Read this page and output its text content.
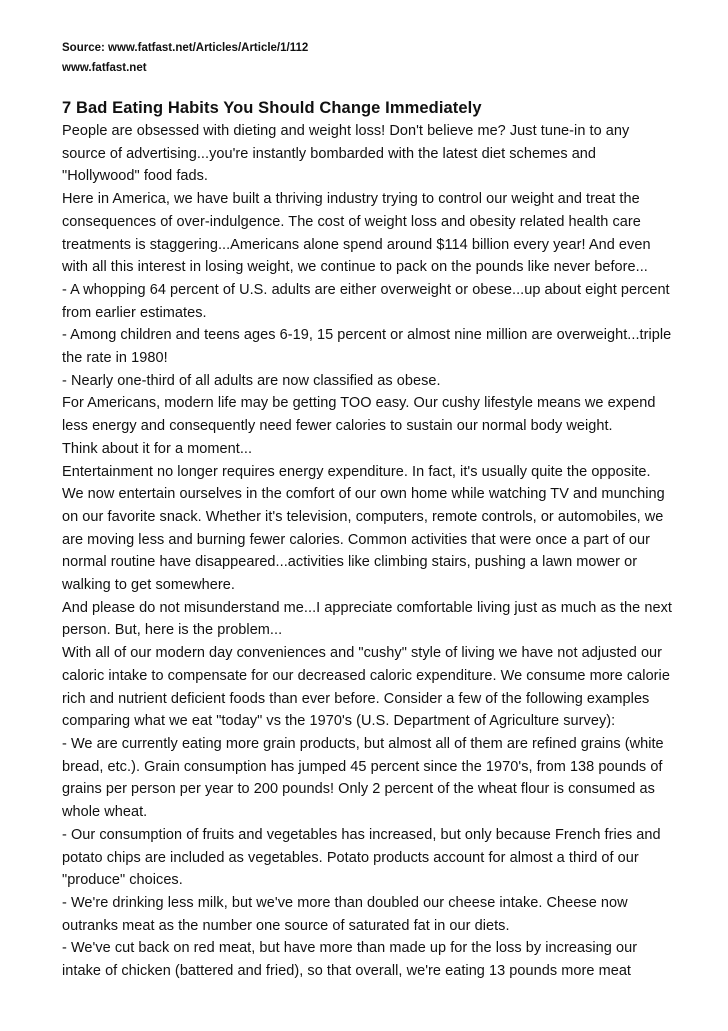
Source: www.fatfast.net/Articles/Article/1/112
www.fatfast.net
7 Bad Eating Habits You Should Change Immediately

People are obsessed with dieting and weight loss! Don't believe me? Just tune-in to any source of advertising...you're instantly bombarded with the latest diet schemes and "Hollywood" food fads.

Here in America, we have built a thriving industry trying to control our weight and treat the consequences of over-indulgence. The cost of weight loss and obesity related health care treatments is staggering...Americans alone spend around $114 billion every year! And even with all this interest in losing weight, we continue to pack on the pounds like never before...

- A whopping 64 percent of U.S. adults are either overweight or obese...up about eight percent from earlier estimates.

- Among children and teens ages 6-19, 15 percent or almost nine million are overweight...triple the rate in 1980!

- Nearly one-third of all adults are now classified as obese.

For Americans, modern life may be getting TOO easy. Our cushy lifestyle means we expend less energy and consequently need fewer calories to sustain our normal body weight.

Think about it for a moment...

Entertainment no longer requires energy expenditure. In fact, it's usually quite the opposite. We now entertain ourselves in the comfort of our own home while watching TV and munching on our favorite snack. Whether it's television, computers, remote controls, or automobiles, we are moving less and burning fewer calories. Common activities that were once a part of our normal routine have disappeared...activities like climbing stairs, pushing a lawn mower or walking to get somewhere.

And please do not misunderstand me...I appreciate comfortable living just as much as the next person. But, here is the problem...

With all of our modern day conveniences and "cushy" style of living we have not adjusted our caloric intake to compensate for our decreased caloric expenditure. We consume more calorie rich and nutrient deficient foods than ever before. Consider a few of the following examples comparing what we eat "today" vs the 1970's (U.S. Department of Agriculture survey):

- We are currently eating more grain products, but almost all of them are refined grains (white bread, etc.). Grain consumption has jumped 45 percent since the 1970's, from 138 pounds of grains per person per year to 200 pounds! Only 2 percent of the wheat flour is consumed as whole wheat.

- Our consumption of fruits and vegetables has increased, but only because French fries and potato chips are included as vegetables. Potato products account for almost a third of our "produce" choices.

- We're drinking less milk, but we've more than doubled our cheese intake. Cheese now outranks meat as the number one source of saturated fat in our diets.

- We've cut back on red meat, but have more than made up for the loss by increasing our intake of chicken (battered and fried), so that overall, we're eating 13 pounds more meat
